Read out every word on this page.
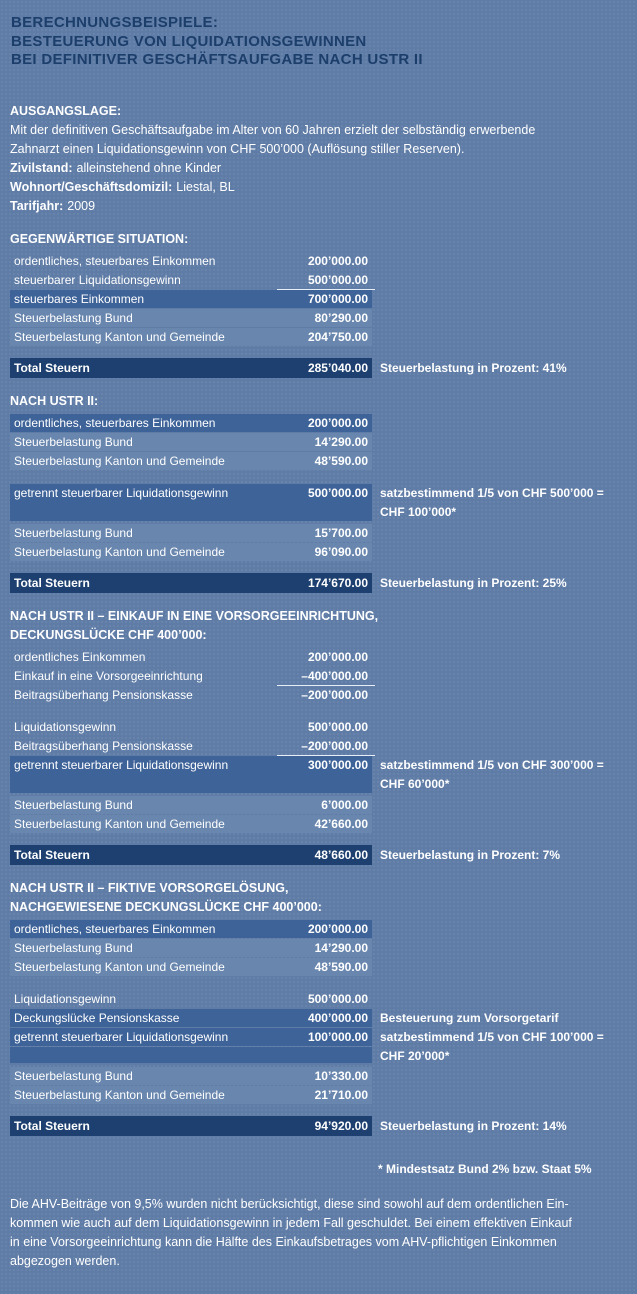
BERECHNUNGSBEISPIELE:
BESTEUERUNG VON LIQUIDATIONSGEWINNEN
BEI DEFINITIVER GESCHÄFTSAUFGABE NACH USTR II
AUSGANGSLAGE:
Mit der definitiven Geschäftsaufgabe im Alter von 60 Jahren erzielt der selbständig erwerbende
Zahnarzt einen Liquidationsgewinn von CHF 500’000 (Auflösung stiller Reserven).
Zivilstand: alleinstehend ohne Kinder
Wohnort/Geschäftsdomizil: Liestal, BL
Tarifjahr: 2009
GEGENWÄRTIGE SITUATION:
ordentliches, steuerbares Einkommen	200’000.00
steuerbarer Liquidationsgewinn	500’000.00
steuerbares Einkommen	700’000.00
Steuerbelastung Bund	80’290.00
Steuerbelastung Kanton und Gemeinde	204’750.00
Total Steuern	285’040.00 Steuerbelastung in Prozent: 41%
NACH USTR II:
ordentliches, steuerbares Einkommen	200’000.00
Steuerbelastung Bund	14’290.00
Steuerbelastung Kanton und Gemeinde	48’590.00
getrennt steuerbarer Liquidationsgewinn	500’000.00 satzbestimmend 1/5 von CHF 500’000 =
CHF 100’000*
Steuerbelastung Bund	15’700.00
Steuerbelastung Kanton und Gemeinde	96’090.00
Total Steuern	174’670.00 Steuerbelastung in Prozent: 25%
NACH USTR II – EINKAUF IN EINE VORSORGEEINRICHTUNG,
DECKUNGSLÜCKE CHF 400’000:
ordentliches Einkommen	200’000.00
Einkauf in eine Vorsorgeeinrichtung	–400’000.00
Beitragsüberhang Pensionskasse	–200’000.00
Liquidationsgewinn	500’000.00
Beitragsüberhang Pensionskasse	–200’000.00
getrennt steuerbarer Liquidationsgewinn	300’000.00 satzbestimmend 1/5 von CHF 300’000 =
CHF 60’000*
Steuerbelastung Bund	6’000.00
Steuerbelastung Kanton und Gemeinde	42’660.00
Total Steuern	48’660.00 Steuerbelastung in Prozent: 7%
NACH USTR II – FIKTIVE VORSORGELÖSUNG,
NACHGEWIESENE DECKUNGSLÜCKE CHF 400’000:
ordentliches, steuerbares Einkommen	200’000.00
Steuerbelastung Bund	14’290.00
Steuerbelastung Kanton und Gemeinde	48’590.00
Liquidationsgewinn	500’000.00
Deckungslücke Pensionskasse	400’000.00 Besteuerung zum Vorsorgetarif
getrennt steuerbarer Liquidationsgewinn	100’000.00 satzbestimmend 1/5 von CHF 100’000 =
CHF 20’000*
Steuerbelastung Bund	10’330.00
Steuerbelastung Kanton und Gemeinde	21’710.00
Total Steuern	94’920.00 Steuerbelastung in Prozent: 14%
* Mindestsatz Bund 2% bzw. Staat 5%
Die AHV-Beiträge von 9,5% wurden nicht berücksichtigt, diese sind sowohl auf dem ordentlichen Ein-
kommen wie auch auf dem Liquidationsgewinn in jedem Fall geschuldet. Bei einem effektiven Einkauf
in eine Vorsorgeeinrichtung kann die Hälfte des Einkaufsbetrages vom AHV-pflichtigen Einkommen
abgezogen werden.
